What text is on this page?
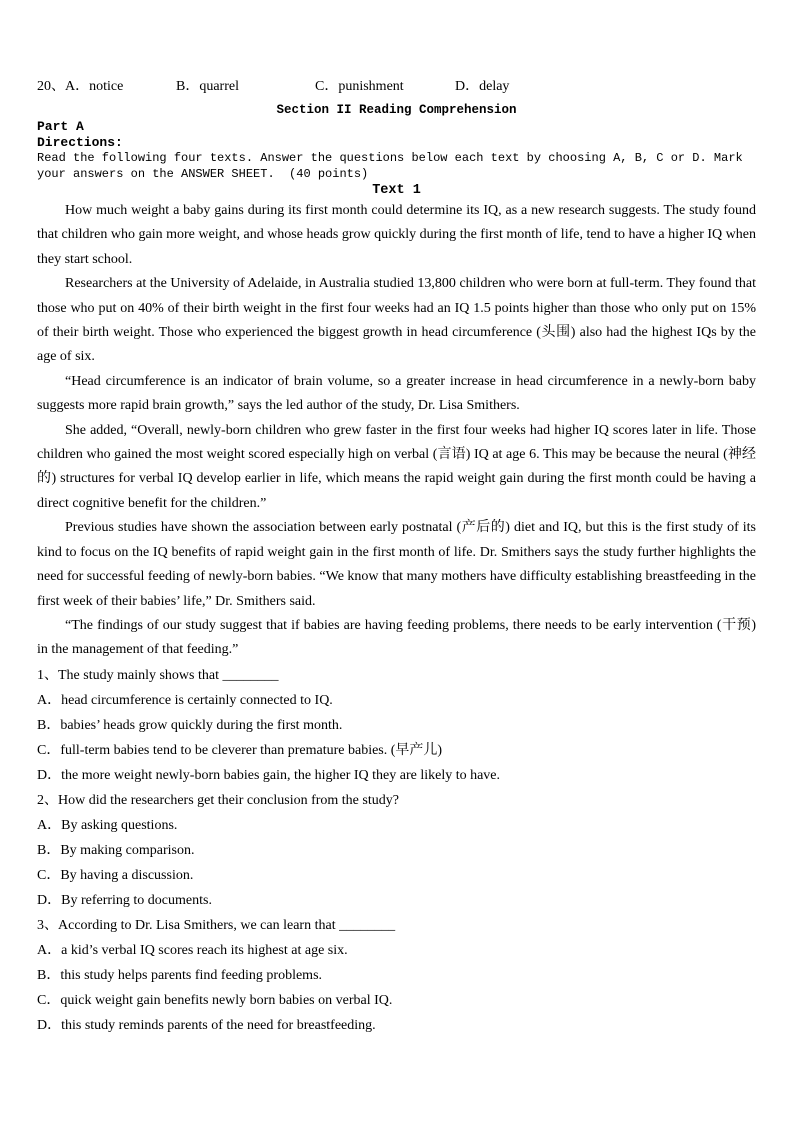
20、A．notice	B．quarrel	C．punishment	D．delay
Section II Reading Comprehension
Part A
Directions:
Read the following four texts. Answer the questions below each text by choosing A, B, C or D. Mark your answers on the ANSWER SHEET.  (40 points)
Text 1

How much weight a baby gains during its first month could determine its IQ, as a new research suggests. The study found that children who gain more weight, and whose heads grow quickly during the first month of life, tend to have a higher IQ when they start school.

Researchers at the University of Adelaide, in Australia studied 13,800 children who were born at full-term. They found that those who put on 40% of their birth weight in the first four weeks had an IQ 1.5 points higher than those who only put on 15% of their birth weight. Those who experienced the biggest growth in head circumference (头围) also had the highest IQs by the age of six.

“Head circumference is an indicator of brain volume, so a greater increase in head circumference in a newly-born baby suggests more rapid brain growth,” says the led author of the study, Dr. Lisa Smithers.

She added, “Overall, newly-born children who grew faster in the first four weeks had higher IQ scores later in life. Those children who gained the most weight scored especially high on verbal (言语) IQ at age 6. This may be because the neural (神经的) structures for verbal IQ develop earlier in life, which means the rapid weight gain during the first month could be having a direct cognitive benefit for the children.”

Previous studies have shown the association between early postnatal (产后的) diet and IQ, but this is the first study of its kind to focus on the IQ benefits of rapid weight gain in the first month of life. Dr. Smithers says the study further highlights the need for successful feeding of newly-born babies. “We know that many mothers have difficulty establishing breastfeeding in the first week of their babies’ life,” Dr. Smithers said.

“The findings of our study suggest that if babies are having feeding problems, there needs to be early intervention (干预) in the management of that feeding.”

1、The study mainly shows that ________
A．head circumference is certainly connected to IQ.
B．babies’ heads grow quickly during the first month.
C．full-term babies tend to be cleverer than premature babies. (早产儿)
D．the more weight newly-born babies gain, the higher IQ they are likely to have.
2、How did the researchers get their conclusion from the study?
A．By asking questions.
B．By making comparison.
C．By having a discussion.
D．By referring to documents.
3、According to Dr. Lisa Smithers, we can learn that ________
A．a kid’s verbal IQ scores reach its highest at age six.
B．this study helps parents find feeding problems.
C．quick weight gain benefits newly born babies on verbal IQ.
D．this study reminds parents of the need for breastfeeding.
